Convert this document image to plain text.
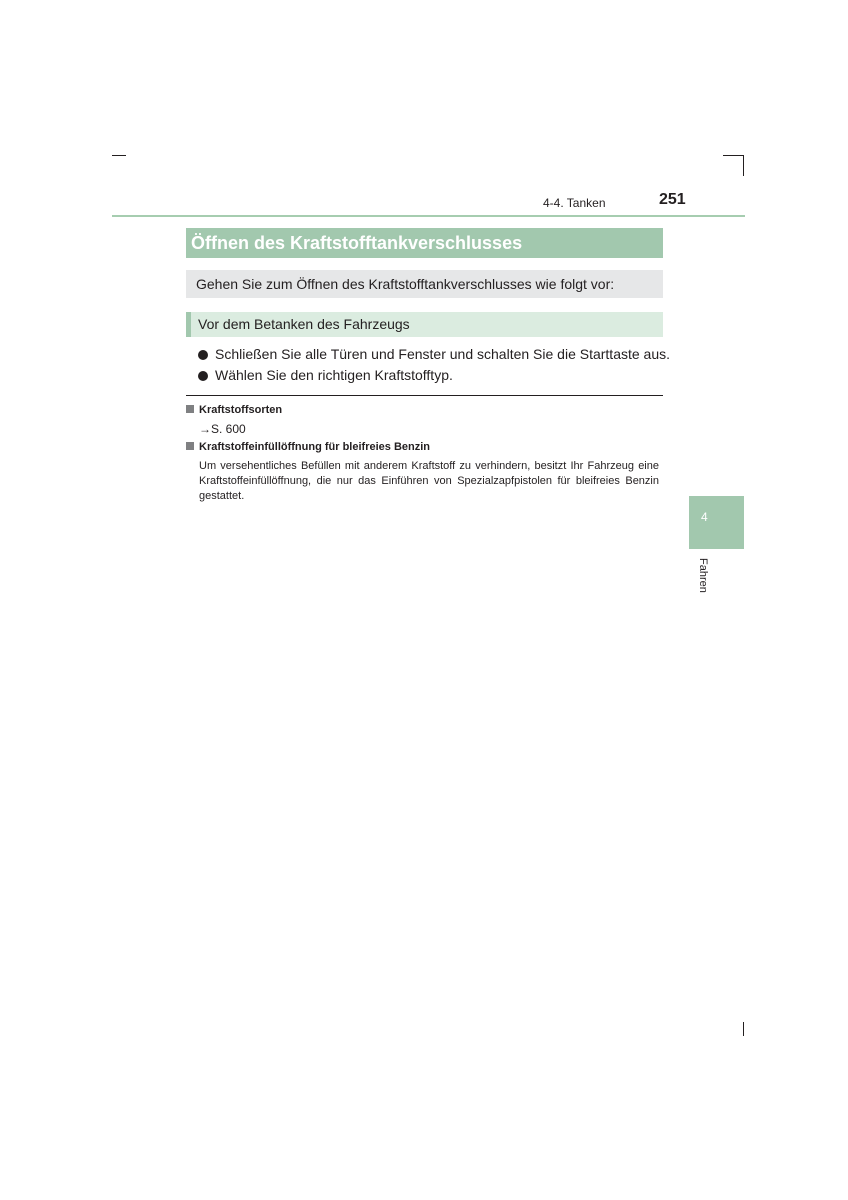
4-4. Tanken	251
Öffnen des Kraftstofftankverschlusses
Gehen Sie zum Öffnen des Kraftstofftankverschlusses wie folgt vor:
Vor dem Betanken des Fahrzeugs
Schließen Sie alle Türen und Fenster und schalten Sie die Starttaste aus.
Wählen Sie den richtigen Kraftstofftyp.
Kraftstoffsorten
→S. 600
Kraftstoffeinfüllöffnung für bleifreies Benzin
Um versehentliches Befüllen mit anderem Kraftstoff zu verhindern, besitzt Ihr Fahrzeug eine Kraftstoffeinfüllöffnung, die nur das Einführen von Spezialzapfpistolen für bleifreies Benzin gestattet.
4
Fahren
